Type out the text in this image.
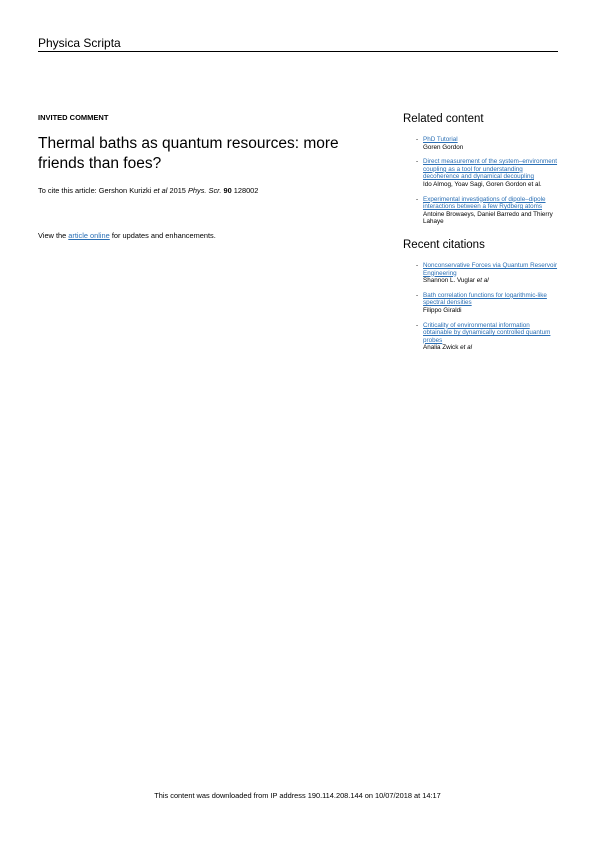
Physica Scripta
INVITED COMMENT
Thermal baths as quantum resources: more friends than foes?
To cite this article: Gershon Kurizki et al 2015 Phys. Scr. 90 128002
View the article online for updates and enhancements.
Related content
- PhD Tutorial
Goren Gordon
- Direct measurement of the system–environment coupling as a tool for understanding decoherence and dynamical decoupling
Ido Almog, Yoav Sagi, Goren Gordon et al.
- Experimental investigations of dipole–dipole interactions between a few Rydberg atoms
Antoine Browaeys, Daniel Barredo and Thierry Lahaye
Recent citations
- Nonconservative Forces via Quantum Reservoir Engineering
Shannon L. Vuglar et al
- Bath correlation functions for logarithmic-like spectral densities
Filippo Giraldi
- Criticality of environmental information obtainable by dynamically controlled quantum probes
Analia Zwick et al
This content was downloaded from IP address 190.114.208.144 on 10/07/2018 at 14:17
